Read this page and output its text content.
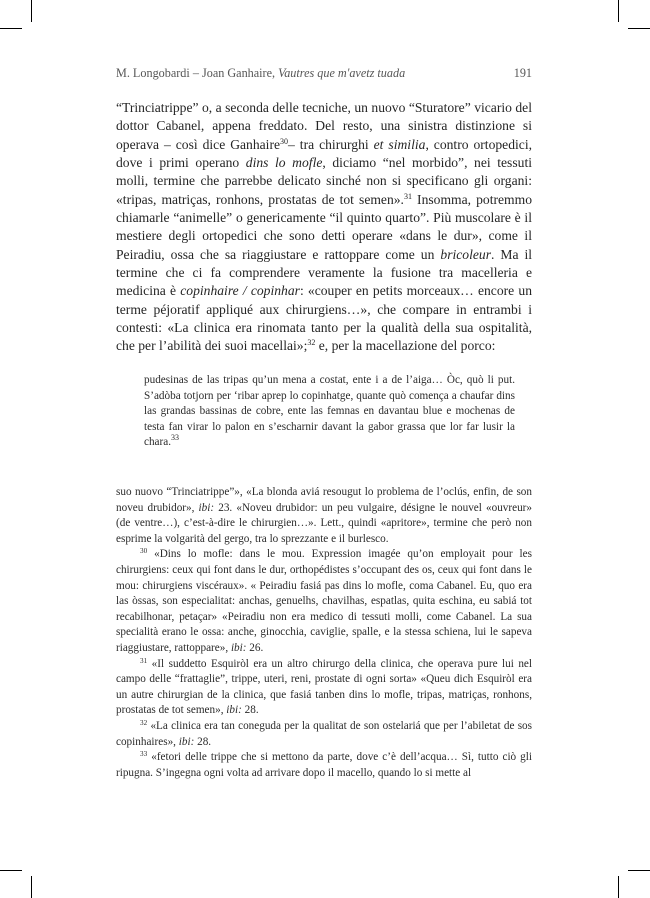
M. Longobardi – Joan Ganhaire, Vautres que m'avetz tuada	191

“Trinciatrippe” o, a seconda delle tecniche, un nuovo “Sturatore” vicario del dottor Cabanel, appena freddato. Del resto, una sinistra distinzione si operava – così dice Ganhaire$^{30}$– tra chirurghi et similia, contro ortopedici, dove i primi operano dins lo mofle, diciamo “nel morbido”, nei tessuti molli, termine che parrebbe delicato sinché non si specificano gli organi: «tripas, matriças, ronhons, prostatas de tot semen».$^{31}$ Insomma, potremmo chiamarle “animelle” o genericamente “il quinto quarto”. Più muscolare è il mestiere degli ortopedici che sono detti operare «dans le dur», come il Peiradiu, ossa che sa riaggiustare e rattoppare come un bricoleur. Ma il termine che ci fa comprendere veramente la fusione tra macelleria e medicina è copinhaire / copinhar: «couper en petits morceaux… encore un terme péjoratif appliqué aux chirurgiens…», che compare in entrambi i contesti: «La clinica era rinomata tanto per la qualità della sua ospitalità, che per l’abilità dei suoi macellai»;$^{32}$ e, per la macellazione del porco:

pudesinas de las tripas qu’un mena a costat, ente i a de l’aiga… Òc, quò li put. S’adòba totjorn per ‘ribar aprep lo copinhatge, quante quò comença a chaufar dins las grandas bassinas de cobre, ente las femnas en davantau blue e mochenas de testa fan virar lo palon en s’escharnir davant la gabor grassa que lor far lusir la chara.$^{33}$

suo nuovo “Trinciatrippe”», «La blonda aviá resougut lo problema de l’oclús, enfin, de son noveu drubidor», ibi: 23. «Noveu drubidor: un peu vulgaire, désigne le nouvel «ouvreur» (de ventre…), c’est-à-dire le chirurgien…». Lett., quindi «apritore», termine che però non esprime la volgarità del gergo, tra lo sprezzante e il burlesco.

$^{30}$ «Dins lo mofle: dans le mou. Expression imagée qu’on employait pour les chirurgiens: ceux qui font dans le dur, orthopédistes s’occupant des os, ceux qui font dans le mou: chirurgiens viscéraux». « Peiradiu fasiá pas dins lo mofle, coma Cabanel. Eu, quo era las òssas, son especialitat: anchas, genuelhs, chavilhas, espatlas, quita eschina, eu sabiá tot recabilhonar, petaçar» «Peiradiu non era medico di tessuti molli, come Cabanel. La sua specialità erano le ossa: anche, ginocchia, caviglie, spalle, e la stessa schiena, lui le sapeva riaggiustare, rattoppare», ibi: 26.

$^{31}$ «Il suddetto Esquiròl era un altro chirurgo della clinica, che operava pure lui nel campo delle “frattaglie”, trippe, uteri, reni, prostate di ogni sorta» «Queu dich Esquiròl era un autre chirurgian de la clinica, que fasiá tanben dins lo mofle, tripas, matriças, ronhons, prostatas de tot semen», ibi: 28.

$^{32}$ «La clinica era tan coneguda per la qualitat de son ostelariá que per l’abiletat de sos copinhaires», ibi: 28.

$^{33}$ «fetori delle trippe che si mettono da parte, dove c’è dell’acqua… Sì, tutto ciò gli ripugna. S’ingegna ogni volta ad arrivare dopo il macello, quando lo si mette al
